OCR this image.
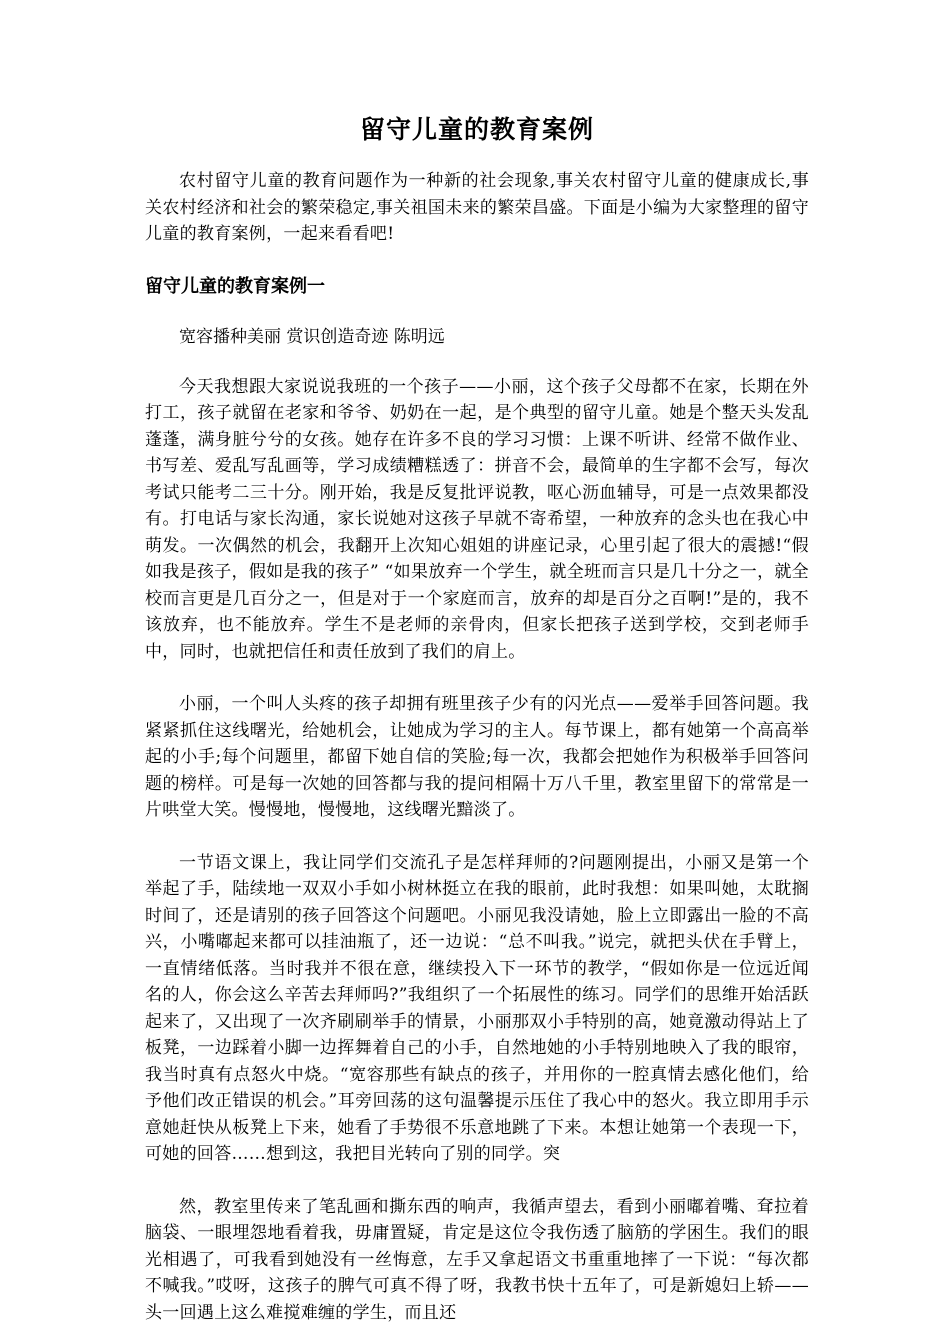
留守儿童的教育案例

农村留守儿童的教育问题作为一种新的社会现象,事关农村留守儿童的健康成长,事关农村经济和社会的繁荣稳定,事关祖国未来的繁荣昌盛。下面是小编为大家整理的留守儿童的教育案例，一起来看看吧!

留守儿童的教育案例一

宽容播种美丽 赏识创造奇迹 陈明远

今天我想跟大家说说我班的一个孩子——小丽，这个孩子父母都不在家，长期在外打工，孩子就留在老家和爷爷、奶奶在一起，是个典型的留守儿童。她是个整天头发乱蓬蓬，满身脏兮兮的女孩。她存在许多不良的学习习惯：上课不听讲、经常不做作业、书写差、爱乱写乱画等，学习成绩糟糕透了：拼音不会，最简单的生字都不会写，每次考试只能考二三十分。刚开始，我是反复批评说教，呕心沥血辅导，可是一点效果都没有。打电话与家长沟通，家长说她对这孩子早就不寄希望，一种放弃的念头也在我心中萌发。一次偶然的机会，我翻开上次知心姐姐的讲座记录，心里引起了很大的震撼!“假如我是孩子，假如是我的孩子” “如果放弃一个学生，就全班而言只是几十分之一，就全校而言更是几百分之一，但是对于一个家庭而言，放弃的却是百分之百啊!”是的，我不该放弃，也不能放弃。学生不是老师的亲骨肉，但家长把孩子送到学校，交到老师手中，同时，也就把信任和责任放到了我们的肩上。

小丽，一个叫人头疼的孩子却拥有班里孩子少有的闪光点——爱举手回答问题。我紧紧抓住这线曙光，给她机会，让她成为学习的主人。每节课上，都有她第一个高高举起的小手;每个问题里，都留下她自信的笑脸;每一次，我都会把她作为积极举手回答问题的榜样。可是每一次她的回答都与我的提问相隔十万八千里，教室里留下的常常是一片哄堂大笑。慢慢地，慢慢地，这线曙光黯淡了。

一节语文课上，我让同学们交流孔子是怎样拜师的?问题刚提出，小丽又是第一个举起了手，陆续地一双双小手如小树林挺立在我的眼前，此时我想：如果叫她，太耽搁时间了，还是请别的孩子回答这个问题吧。小丽见我没请她，脸上立即露出一脸的不高兴，小嘴嘟起来都可以挂油瓶了，还一边说：“总不叫我。”说完，就把头伏在手臂上，一直情绪低落。当时我并不很在意，继续投入下一环节的教学，“假如你是一位远近闻名的人，你会这么辛苦去拜师吗?”我组织了一个拓展性的练习。同学们的思维开始活跃起来了，又出现了一次齐刷刷举手的情景，小丽那双小手特别的高，她竟激动得站上了板凳，一边踩着小脚一边挥舞着自己的小手，自然地她的小手特别地映入了我的眼帘，我当时真有点怒火中烧。“宽容那些有缺点的孩子，并用你的一腔真情去感化他们，给予他们改正错误的机会。”耳旁回荡的这句温馨提示压住了我心中的怒火。我立即用手示意她赶快从板凳上下来，她看了手势很不乐意地跳了下来。本想让她第一个表现一下，可她的回答……想到这，我把目光转向了别的同学。突

然，教室里传来了笔乱画和撕东西的响声，我循声望去，看到小丽嘟着嘴、耷拉着脑袋、一眼埋怨地看着我，毋庸置疑，肯定是这位令我伤透了脑筋的学困生。我们的眼光相遇了，可我看到她没有一丝悔意，左手又拿起语文书重重地摔了一下说：“每次都不喊我。”哎呀，这孩子的脾气可真不得了呀，我教书快十五年了，可是新媳妇上轿——头一回遇上这么难搅难缠的学生，而且还
